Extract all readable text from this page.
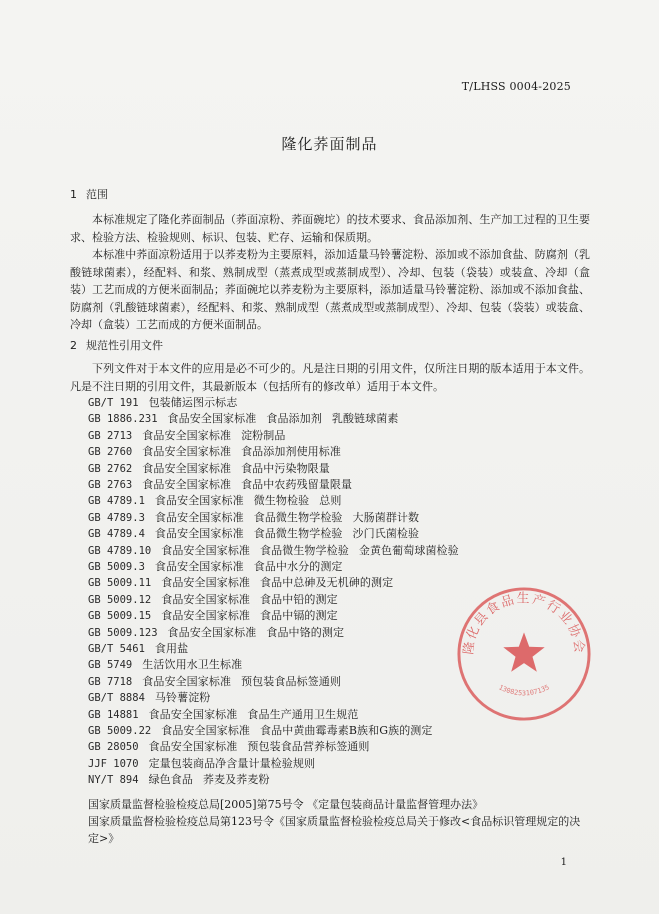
T/LHSS 0004-2025
隆化荞面制品
1 范围

本标准规定了隆化荞面制品（荞面凉粉、荞面碗坨）的技术要求、食品添加剂、生产加工过程的卫生要求、检验方法、检验规则、标识、包装、贮存、运输和保质期。

本标准中荞面凉粉适用于以荞麦粉为主要原料，添加适量马铃薯淀粉、添加或不添加食盐、防腐剂（乳酸链球菌素），经配料、和浆、熟制成型（蒸煮成型或蒸制成型）、冷却、包装（袋装）或装盒、冷却（盒装）工艺而成的方便米面制品；荞面碗坨以荞麦粉为主要原料，添加适量马铃薯淀粉、添加或不添加食盐、防腐剂（乳酸链球菌素），经配料、和浆、熟制成型（蒸煮成型或蒸制成型）、冷却、包装（袋装）或装盒、冷却（盒装）工艺而成的方便米面制品。

2 规范性引用文件

下列文件对于本文件的应用是必不可少的。凡是注日期的引用文件，仅所注日期的版本适用于本文件。凡是不注日期的引用文件，其最新版本（包括所有的修改单）适用于本文件。

GB/T 191 包装储运图示标志
GB 1886.231 食品安全国家标准 食品添加剂 乳酸链球菌素
GB 2713 食品安全国家标准 淀粉制品
GB 2760 食品安全国家标准 食品添加剂使用标准
GB 2762 食品安全国家标准 食品中污染物限量
GB 2763 食品安全国家标准 食品中农药残留量限量
GB 4789.1 食品安全国家标准 微生物检验 总则
GB 4789.3 食品安全国家标准 食品微生物学检验 大肠菌群计数
GB 4789.4 食品安全国家标准 食品微生物学检验 沙门氏菌检验
GB 4789.10 食品安全国家标准 食品微生物学检验 金黄色葡萄球菌检验
GB 5009.3 食品安全国家标准 食品中水分的测定
GB 5009.11 食品安全国家标准 食品中总砷及无机砷的测定
GB 5009.12 食品安全国家标准 食品中铅的测定
GB 5009.15 食品安全国家标准 食品中镉的测定
GB 5009.123 食品安全国家标准 食品中铬的测定
GB/T 5461 食用盐
GB 5749 生活饮用水卫生标准
GB 7718 食品安全国家标准 预包装食品标签通则
GB/T 8884 马铃薯淀粉
GB 14881 食品安全国家标准 食品生产通用卫生规范
GB 5009.22 食品安全国家标准 食品中黄曲霉毒素B族和G族的测定
GB 28050 食品安全国家标准 预包装食品营养标签通则
JJF 1070 定量包装商品净含量计量检验规则
NY/T 894 绿色食品 荞麦及荞麦粉

国家质量监督检验检疫总局[2005]第75号令 《定量包装商品计量监督管理办法》

国家质量监督检验检疫总局第123号令《国家质量监督检验检疫总局关于修改<食品标识管理规定的决定>》

1
隆化县食品生产行业协会
1308253107135
